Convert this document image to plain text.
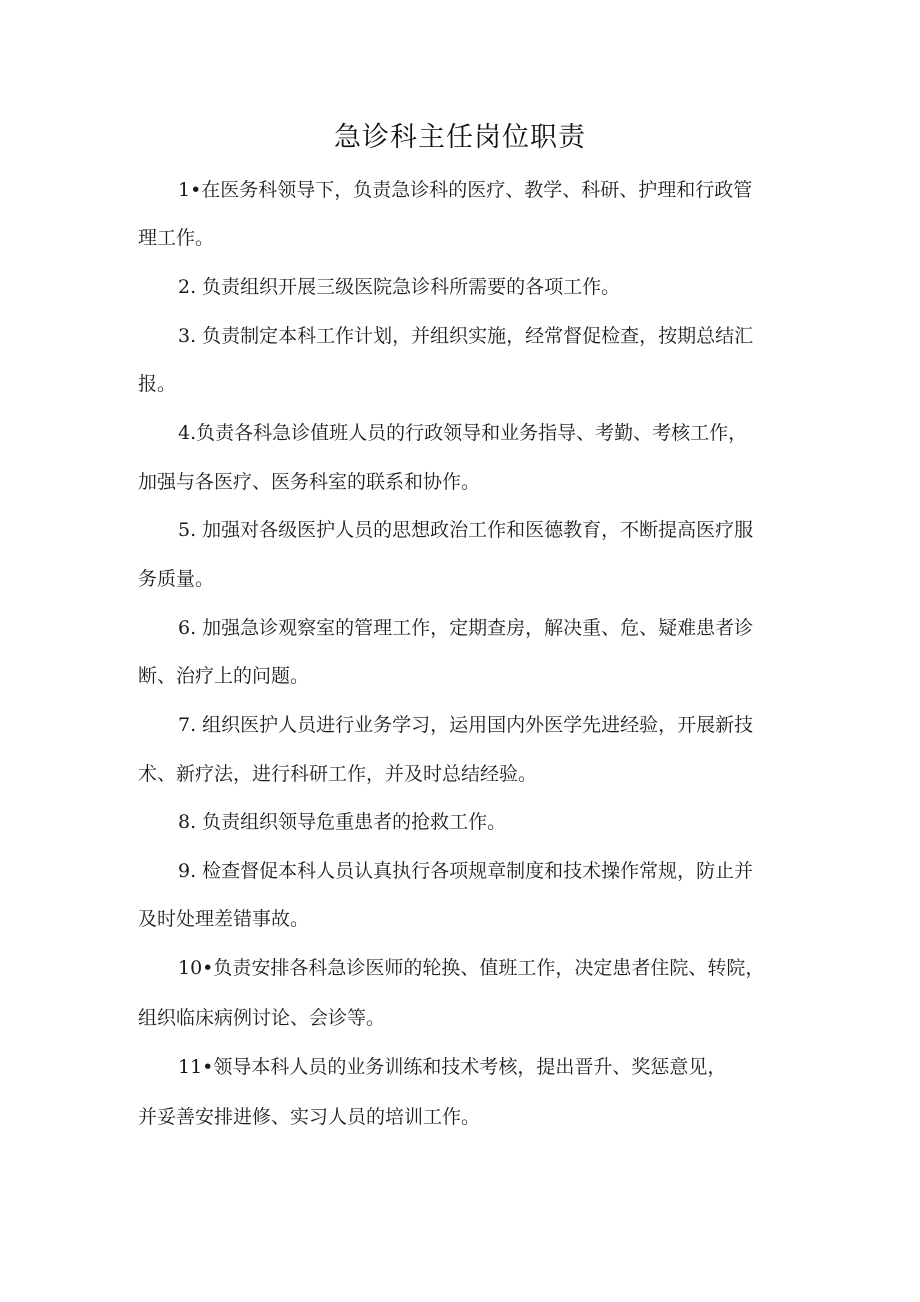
急诊科主任岗位职责
1•在医务科领导下，负责急诊科的医疗、教学、科研、护理和行政管
理工作。
2. 负责组织开展三级医院急诊科所需要的各项工作。
3. 负责制定本科工作计划，并组织实施，经常督促检查，按期总结汇
报。
4.负责各科急诊值班人员的行政领导和业务指导、考勤、考核工作，
加强与各医疗、医务科室的联系和协作。
5. 加强对各级医护人员的思想政治工作和医德教育，不断提高医疗服
务质量。
6. 加强急诊观察室的管理工作，定期查房，解决重、危、疑难患者诊
断、治疗上的问题。
7. 组织医护人员进行业务学习，运用国内外医学先进经验，开展新技
术、新疗法，进行科研工作，并及时总结经验。
8. 负责组织领导危重患者的抢救工作。
9. 检查督促本科人员认真执行各项规章制度和技术操作常规，防止并
及时处理差错事故。
10•负责安排各科急诊医师的轮换、值班工作，决定患者住院、转院，
组织临床病例讨论、会诊等。
11•领导本科人员的业务训练和技术考核，提出晋升、奖惩意见，
并妥善安排进修、实习人员的培训工作。
